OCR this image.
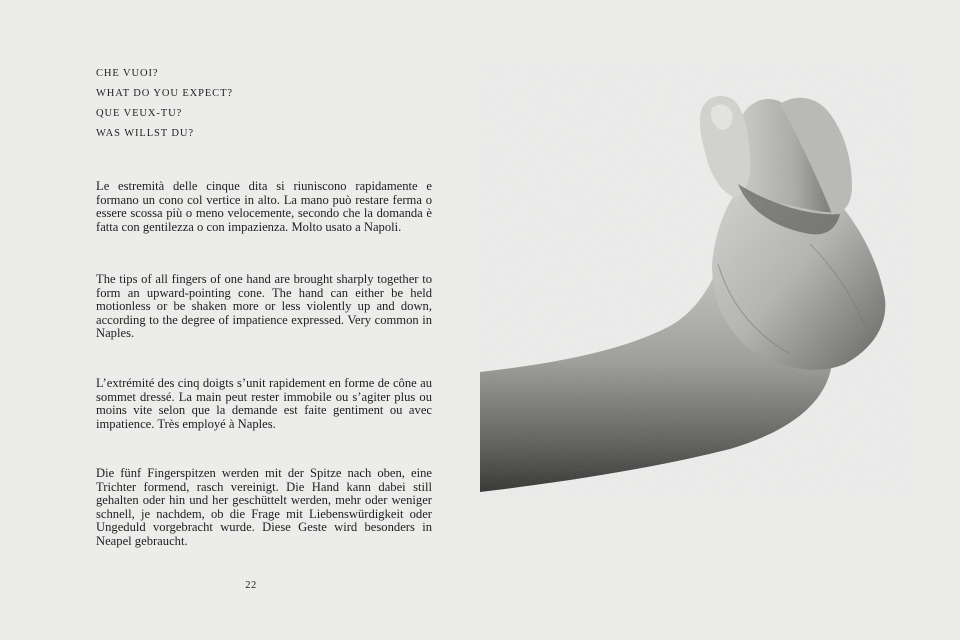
CHE VUOI?
WHAT DO YOU EXPECT?
QUE VEUX-TU?
WAS WILLST DU?

Le estremità delle cinque dita si riuniscono rapidamente e formano un cono col vertice in alto. La mano può restare ferma o essere scossa più o meno velocemente, secondo che la domanda è fatta con gentilezza o con impazienza. Molto usato a Napoli.

The tips of all fingers of one hand are brought sharply together to form an upward-pointing cone. The hand can either be held motionless or be shaken more or less violently up and down, according to the degree of impatience expressed. Very common in Naples.

L’extrémité des cinq doigts s’unit rapidement en forme de cône au sommet dressé. La main peut rester immobile ou s’agiter plus ou moins vite selon que la demande est faite gentiment ou avec impatience. Très employé à Naples.

Die fünf Fingerspitzen werden mit der Spitze nach oben, eine Trichter formend, rasch vereinigt. Die Hand kann dabei still gehalten oder hin und her geschüttelt werden, mehr oder weniger schnell, je nachdem, ob die Frage mit Liebenswürdigkeit oder Ungeduld vorgebracht wurde. Diese Geste wird besonders in Neapel gebraucht.

22
